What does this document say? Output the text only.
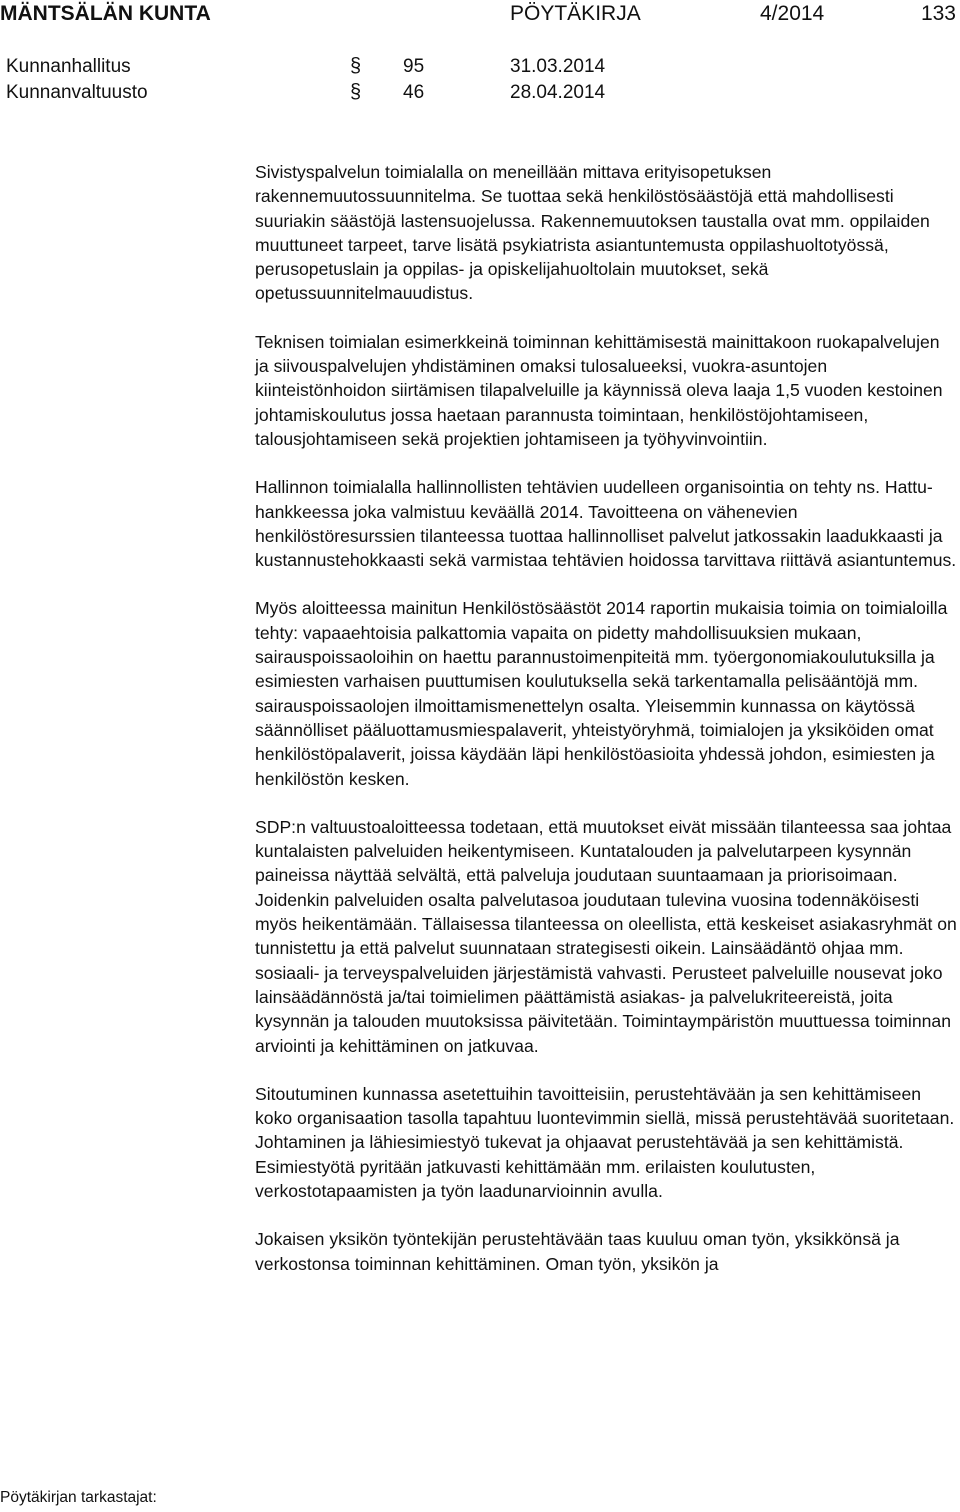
MÄNTSÄLÄN KUNTA	PÖYTÄKIRJA	4/2014	133
Kunnanhallitus	§ 95	31.03.2014
Kunnanvaltuusto	§ 46	28.04.2014

Sivistyspalvelun toimialalla on meneillään mittava erityisopetuksen rakennemuutossuunnitelma. Se tuottaa sekä henkilöstösäästöjä että mahdollisesti suuriakin säästöjä lastensuojelussa. Rakennemuutoksen taustalla ovat mm. oppilaiden muuttuneet tarpeet, tarve lisätä psykiatrista asiantuntemusta oppilashuoltotyössä, perusopetuslain ja oppilas- ja opiskelijahuoltolain muutokset, sekä opetussuunnitelmauudistus.

Teknisen toimialan esimerkkeinä toiminnan kehittämisestä mainittakoon ruokapalvelujen ja siivouspalvelujen yhdistäminen omaksi tulosalueeksi, vuokra-asuntojen kiinteistönhoidon siirtämisen tilapalveluille ja käynnissä oleva laaja 1,5 vuoden kestoinen johtamiskoulutus jossa haetaan parannusta toimintaan, henkilöstöjohtamiseen, talousjohtamiseen sekä projektien johtamiseen ja työhyvinvointiin.

Hallinnon toimialalla hallinnollisten tehtävien uudelleen organisointia on tehty ns. Hattu-hankkeessa joka valmistuu keväällä 2014. Tavoitteena on vähenevien henkilöstöresurssien tilanteessa tuottaa hallinnolliset palvelut jatkossakin laadukkaasti ja kustannustehokkaasti sekä varmistaa tehtävien hoidossa tarvittava riittävä asiantuntemus.

Myös aloitteessa mainitun Henkilöstösäästöt 2014 raportin mukaisia toimia on toimialoilla tehty: vapaaehtoisia palkattomia vapaita on pidetty mahdollisuuksien mukaan, sairauspoissaoloihin on haettu parannustoimenpiteitä mm. työergonomiakoulutuksilla ja esimiesten varhaisen puuttumisen koulutuksella sekä tarkentamalla pelisääntöjä mm. sairauspoissaolojen ilmoittamismenettelyn osalta. Yleisemmin kunnassa on käytössä säännölliset pääluottamusmiespalaverit, yhteistyöryhmä, toimialojen ja yksiköiden omat henkilöstöpalaverit, joissa käydään läpi henkilöstöasioita yhdessä johdon, esimiesten ja henkilöstön kesken.

SDP:n valtuustoaloitteessa todetaan, että muutokset eivät missään tilanteessa saa johtaa kuntalaisten palveluiden heikentymiseen. Kuntatalouden ja palvelutarpeen kysynnän paineissa näyttää selvältä, että palveluja joudutaan suuntaamaan ja priorisoimaan. Joidenkin palveluiden osalta palvelutasoa joudutaan tulevina vuosina todennäköisesti myös heikentämään. Tällaisessa tilanteessa on oleellista, että keskeiset asiakasryhmät on tunnistettu ja että palvelut suunnataan strategisesti oikein. Lainsäädäntö ohjaa mm. sosiaali- ja terveyspalveluiden järjestämistä vahvasti. Perusteet palveluille nousevat joko lainsäädännöstä ja/tai toimielimen päättämistä asiakas- ja palvelukriteereistä, joita kysynnän ja talouden muutoksissa päivitetään. Toimintaympäristön muuttuessa toiminnan arviointi ja kehittäminen on jatkuvaa.

Sitoutuminen kunnassa asetettuihin tavoitteisiin, perustehtävään ja sen kehittämiseen koko organisaation tasolla tapahtuu luontevimmin siellä, missä perustehtävää suoritetaan. Johtaminen ja lähiesimiestyö tukevat ja ohjaavat perustehtävää ja sen kehittämistä. Esimiestyötä pyritään jatkuvasti kehittämään mm. erilaisten koulutusten, verkostotapaamisten ja työn laadunarvioinnin avulla.

Jokaisen yksikön työntekijän perustehtävään taas kuuluu oman työn, yksikkönsä ja verkostonsa toiminnan kehittäminen. Oman työn, yksikön ja

Pöytäkirjan tarkastajat:
